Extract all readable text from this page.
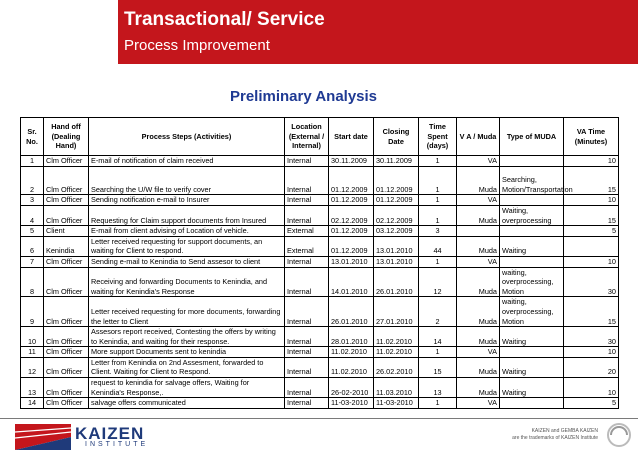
Transactional/ Service
Process Improvement
Preliminary Analysis
Sr. No.	Hand off (Dealing Hand)	Process Steps (Activities)	Location (External / Internal)	Start date	Closing Date	Time Spent (days)	V A / Muda	Type of MUDA	VA Time (Minutes)
1	Clm Officer	E-mail of notification of claim received	Internal	30.11.2009	30.11.2009	1	VA		10
2	Clm Officer	Searching the U/W file to verify cover	Internal	01.12.2009	01.12.2009	1	Muda	Searching, Motion/Transportation	15
3	Clm Officer	Sending notification e-mail to Insurer	Internal	01.12.2009	01.12.2009	1	VA		10
4	Clm Officer	Requesting for Claim support documents from Insured	Internal	02.12.2009	02.12.2009	1	Muda	Waiting, overprocessing	15
5	Client	E-mail from client advising of Location of vehicle.	External	01.12.2009	03.12.2009	3			5
6	Kenindia	Letter received requesting for support documents, an waiting for Client to respond.	External	01.12.2009	13.01.2010	44	Muda	Waiting	
7	Clm Officer	Sending e-mail to Kenindia to Send assesor to client	Internal	13.01.2010	13.01.2010	1	VA		10
8	Clm Officer	Receiving and forwarding Documents to Kenindia, and waiting for Kenindia's Response	Internal	14.01.2010	26.01.2010	12	Muda	waiting, overprocessing, Motion	30
9	Clm Officer	Letter received requesting for more documents, forwarding the letter to Client	Internal	26.01.2010	27.01.2010	2	Muda	waiting, overprocessing, Motion	15
10	Clm Officer	Assesors report received, Contesting the offers by writing to Kenindia, and waiting for their response.	Internal	28.01.2010	11.02.2010	14	Muda	Waiting	30
11	Clm Officer	More support Documents sent to kenindia	Internal	11.02.2010	11.02.2010	1	VA		10
12	Clm Officer	Letter from Kenindia on 2nd Assesment, forwarded to Client. Waiting for Client to Respond.	Internal	11.02.2010	26.02.2010	15	Muda	Waiting	20
13	Clm Officer	request to kenindia for salvage offers, Waiting for Kenindia's Response,.	Internal	26-02-2010	11.03.2010	13	Muda	Waiting	10
14	Clm Officer	salvage offers communicated	Internal	11-03-2010	11-03-2010	1	VA		5
KAIZEN
INSTITUTE
KAIZEN and GEMBA KAIZEN
are the trademarks of KAIZEN Institute
